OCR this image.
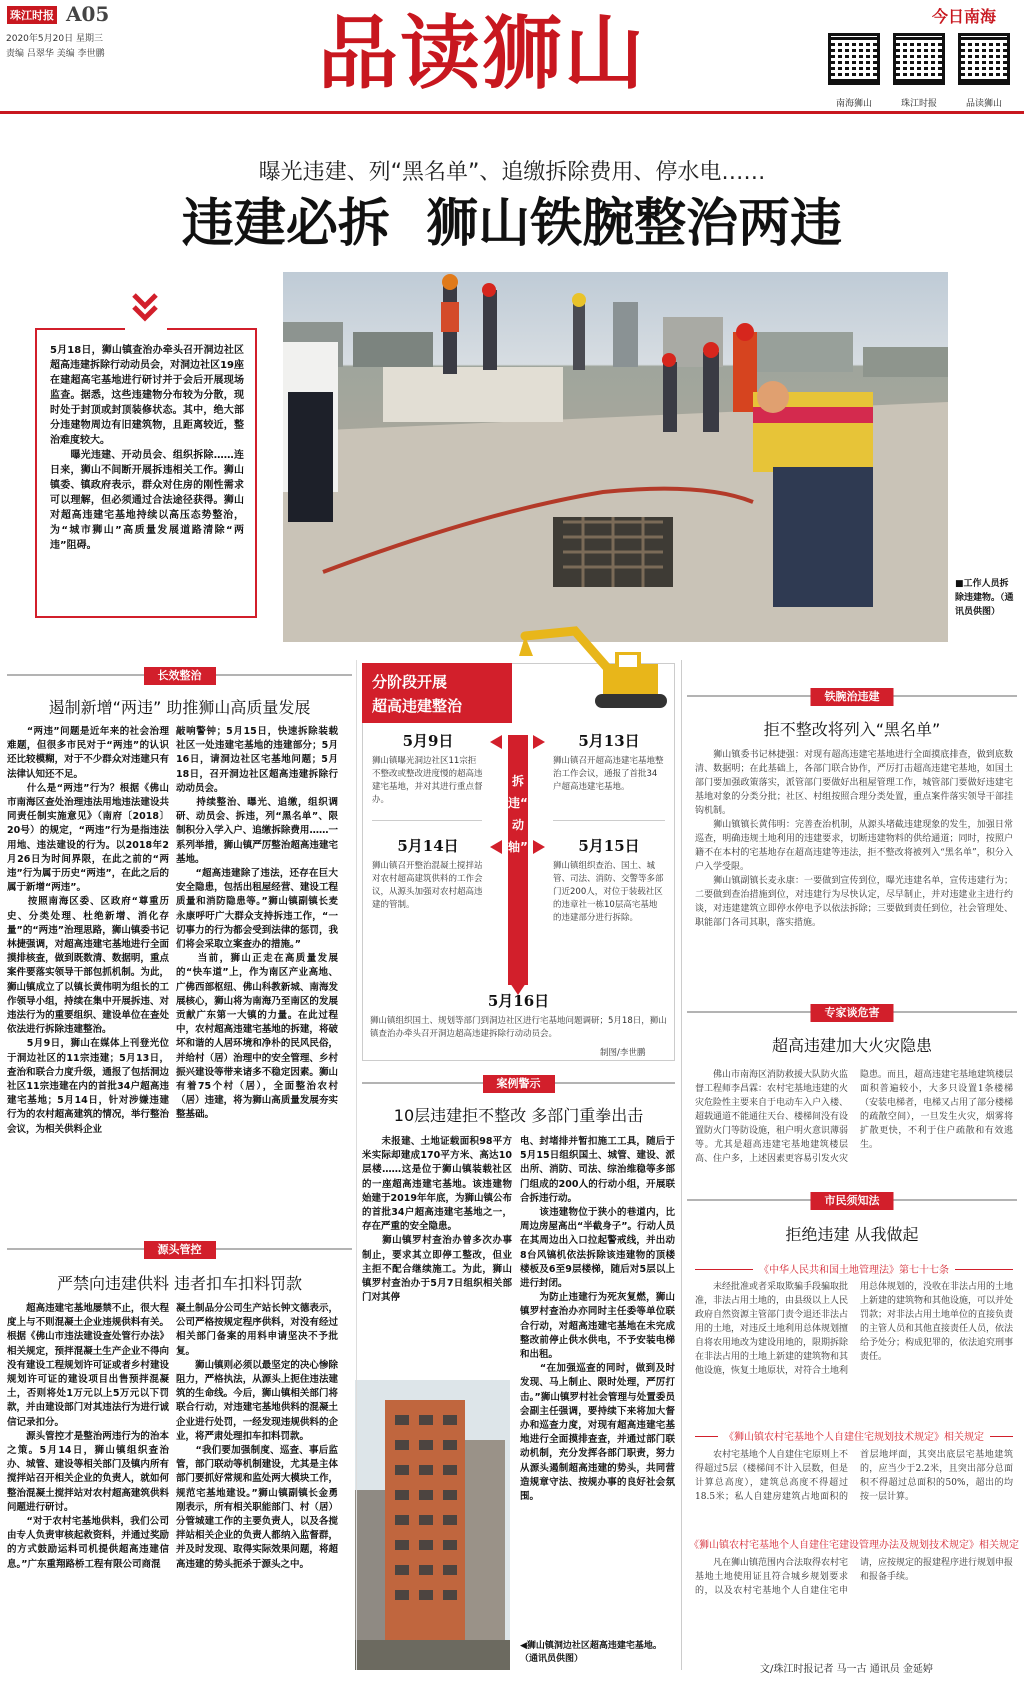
珠江时报 A05
2020年5月20日 星期三
责编 吕翠华 美编 李世鹏	品读狮山	今日南海
南海狮山	珠江时报	品读狮山
曝光违建、列“黑名单”、追缴拆除费用、停水电……
违建必拆  狮山铁腕整治两违
5月18日，狮山镇查治办牵头召开洞边社区超高违建拆除行动动员会，对洞边社区19座在建超高宅基地进行研讨并于会后开展现场监查。据悉，这些违建物分布较为分散，现时处于封顶或封顶装修状态。其中，绝大部分违建物周边有旧建筑物，且距离较近，整治难度较大。
　　曝光违建、开动员会、组织拆除……连日来，狮山不间断开展拆违相关工作。狮山镇委、镇政府表示，群众对住房的刚性需求可以理解，但必须通过合法途径获得。狮山对超高违建宅基地持续以高压态势整治，为“城市狮山”高质量发展道路清除“两违”阻碍。
■工作人员拆除违建物。（通讯员供图）
长效整治
遏制新增“两违” 助推狮山高质量发展
　　“两违”问题是近年来的社会治理难题，但很多市民对于“两违”的认识还比较模糊，对于不少群众对违建只有法律认知还不足。
　　什么是“两违”行为？根据《佛山市南海区查处治理违法用地违法建设共同责任制实施意见》（南府〔2018〕20号）的规定，“两违”行为是指违法用地、违法建设的行为。以2018年2月26日为时间界限，在此之前的“两违”行为属于历史“两违”，在此之后的属于新增“两违”。
　　按照南海区委、区政府“尊重历史、分类处理、杜绝新增、消化存量”的“两违”治理思路，狮山镇委书记林捷强调，对超高违建宅基地进行全面摸排核查，做到既数清、数据明，重点案件要落实领导干部包抓机制。为此，狮山镇成立了以镇长黄伟明为组长的工作领导小组，持续在集中开展拆违、对违法行为的重要组织、建设单位在查处依法进行拆除违建整治。
　　5月9日，狮山在媒体上刊登光位于洞边社区的11宗违建；5月13日，查治和联合力度升级，通报了包括洞边社区11宗违建在内的首批34户超高违建宅基地；5月14日，针对涉嫌违建行为的农村超高建筑的情况，举行整治会议，为相关供料企业
敲响警钟；5月15日，快速拆除装载社区一处违建宅基地的违建部分；5月16日，请洞边社区宅基地问题；5月18日，召开洞边社区超高违建拆除行动动员会。
　　持续整治、曝光、追缴，组织调研、动员会、拆违，列“黑名单”、限制积分入学入户、追缴拆除费用……一系列举措，狮山镇严厉整治超高违建宅基地。
　　“超高违建除了违法，还存在巨大安全隐患，包括出租屋经营、建设工程质量和消防隐患等。”狮山镇副镇长麦永康呼吁广大群众支持拆违工作，“一切事力的行为都会受到法律的惩罚，我们将会采取立案查办的措施。”
　　当前，狮山正走在高质量发展的“快车道”上，作为南区产业高地、广佛西部枢纽、佛山科教新城、南海发展核心，狮山将为南海乃至南区的发展贡献广东第一大镇的力量。在此过程中，农村超高违建宅基地的拆建，将破坏和谐的人居环境和净朴的民风民俗，并给村（居）治理中的安全管理、乡村振兴建设等带来诸多不稳定因素。狮山有着75个村（居），全面整治农村（居）违建，将为狮山高质量发展夯实整基础。
源头管控
严禁向违建供料 违者扣车扣料罚款
　　超高违建宅基地屡禁不止，很大程度上与不则混凝土企业违规供料有关。根据《佛山市违法建设查处管行办法》相关规定，预拌混凝土生产企业不得向没有建设工程规划许可证或者乡村建设规划许可证的建设项目出售预拌混凝土，否则将处1万元以上5万元以下罚款，并由建设部门对其违法行为进行诚信记录扣分。
　　源头管控才是整治两违行为的治本之策。5月14日，狮山镇组织查治办、城管、建设等相关部门及镇内所有搅拌站召开相关企业的负责人，就如何整治混凝土搅拌站对农村超高建筑供料问题进行研讨。
　　“对于农村宅基地供料，我们公司由专人负责审核起救资料，并通过奖励的方式鼓励运料司机提供超高违建信息。”广东重翔路桥工程有限公司商混
凝土制品分公司生产站长钟文德表示，公司严格按规定程序供料，对没有经过相关部门备案的用料申请坚决不予批复。
　　狮山镇则必须以最坚定的决心惨除阻力，严格执法，从源头上扼住违法建筑的生命线。今后，狮山镇相关部门将联合行动，对违建宅基地供料的混凝土企业进行处罚，一经发现违规供料的企业，将严肃处理扣车扣料罚款。
　　“我们要加强制度、巡查、事后监管，部门联动等机制建设，尤其是主体部门要抓好常规和监处两大模块工作，规范宅基地建设。”狮山镇副镇长金勇刚表示，所有相关职能部门、村（居）分管城建工作的主要负责人，以及各搅拌站相关企业的负责人都纳入监督群，并及时发现、取得实际效果问题，将超高违建的势头扼杀于源头之中。
分阶段开展
超高违建整治
拆违“行动轴”
5月9日
狮山镇曝光洞边社区11宗拒不整改或整改进度慢的超高违建宅基地，并对其进行重点督办。
5月13日
狮山镇召开超高违建宅基地整治工作会议，通报了首批34户超高违建宅基地。
5月14日
狮山镇召开整治混凝土搅拌站对农村超高建筑供料的工作会议，从源头加强对农村超高违建的管制。
5月15日
狮山镇组织查治、国土、城管、司法、消防、交警等多部门近200人，对位于装载社区的违章社一栋10层高宅基地的违建部分进行拆除。
5月16日
狮山镇组织国土、规划等部门到洞边社区进行宅基地问题调研；5月18日，狮山镇查治办牵头召开洞边超高违建拆除行动动员会。
制图/李世鹏
案例警示
10层违建拒不整改 多部门重拳出击
　　未报建、土地证载面积98平方米实际却建成170平方米、高达10层楼……这是位于狮山镇装载社区的一座超高违建宅基地。该违建物始建于2019年年底，为狮山镇公布的首批34户超高违建宅基地之一，存在严重的安全隐患。
　　狮山镇罗村查治办曾多次办事制止，要求其立即停工整改，但业主拒不配合继续施工。为此，狮山镇罗村查治办于5月7日组织相关部门对其停
电、封堵排并暂扣施工工具，随后于5月15日组织国土、城管、建设、派出所、消防、司法、综治维稳等多部门组成的200人的行动小组，开展联合拆违行动。
　　该违建物位于狭小的巷道内，比周边房屋高出“半截身子”。行动人员在其周边出入口拉起警戒线，并出动8台风镐机依法拆除该违建物的顶楼楼板及6至9层楼梯，随后对5层以上进行封闭。
　　为防止违建行为死灰复燃，狮山镇罗村查治办亦同时主任委等单位联合行动，对超高违建宅基地在未完成整改前停止供水供电，不予安装电梯和出租。
　　“在加强巡查的同时，做到及时发现、马上制止、限时处理，严厉打击。”狮山镇罗村社会管理与处置委员会副主任强调，要持续下来将加大督办和巡查力度，对现有超高违建宅基地进行全面摸排查查，并通过部门联动机制，充分发挥各部门职责，努力从源头遏制超高违建的势头，共同营造规章守法、按规办事的良好社会氛围。
◀狮山镇洞边社区超高违建宅基地。（通讯员供图）
铁腕治违建
拒不整改将列入“黑名单”
　　狮山镇委书记林捷强：对现有超高违建宅基地进行全面摸底排查，做到底数清、数据明；在此基础上，各部门联合协作，严厉打击超高违建宅基地，如国土部门要加强政策落实，派管部门要做好出租屋管理工作，城管部门要做好违建宅基地对象的分类分批；社区、村组按照合理分类处置，重点案件落实领导干部挂钩机制。
　　狮山镇镇长黄伟明：完善查治机制，从源头堵截违建现象的发生，加强日常巡查，明确违规土地利用的违建要求，切断违建物料的供给通道；同时，按照户籍不在本村的宅基地存在超高违建等违法，拒不整改将被列入“黑名单”，积分入户入学受限。
　　狮山镇副镇长麦永康：一要做到宣传到位，曝光违建名单，宣传违建行为；二要做到查治措施到位，对违建行为尽快认定，尽早制止，并对违建业主进行约谈，对违建建筑立即停水停电予以依法拆除；三要做到责任到位，社会管理处、职能部门各司其职，落实措施。
专家谈危害
超高违建加大火灾隐患
　　佛山市南海区消防救援大队防火监督工程师李昌霖：农村宅基地违建的火灾危险性主要来自于电动车入户入楼、超载通道不能通往天台、楼梯间没有设置防火门等防设施，租户明火意识薄弱等。尤其是超高违建宅基地建筑楼层高、住户多，上述因素更容易引发火灾隐患。而且，超高违建宅基地建筑楼层面积普遍较小，大多只设置1条楼梯（安装电梯者，电梯又占用了部分楼梯的疏散空间），一旦发生火灾，烟雾将扩散更快，不利于住户疏散和有效逃生。
市民须知法
拒绝违建 从我做起
《中华人民共和国土地管理法》第七十七条
　　未经批准或者采取欺骗手段骗取批准，非法占用土地的，由县级以上人民政府自然资源主管部门责令退还非法占用的土地，对违反土地利用总体规划擅自将农用地改为建设用地的，限期拆除在非法占用的土地上新建的建筑物和其他设施，恢复土地原状，对符合土地利用总体规划的，没收在非法占用的土地上新建的建筑物和其他设施，可以并处罚款；对非法占用土地单位的直接负责的主管人员和其他直接责任人员，依法给予处分；构成犯罪的，依法追究刑事责任。
《狮山镇农村宅基地个人自建住宅规划技术规定》相关规定
　　农村宅基地个人自建住宅原则上不得超过5层（楼梯间不计入层数，但是计算总高度），建筑总高度不得超过18.5米；私人自建房建筑占地面积的首层地坪面，其突出底层宅基地建筑的，应当少于2.2米，且突出部分总面积不得超过总面积的50%，超出的均按一层计算。
《狮山镇农村宅基地个人自建住宅建设管理办法及规划技术规定》相关规定
　　凡在狮山镇范围内合法取得农村宅基地土地使用证且符合城乡规划要求的，以及农村宅基地个人自建住宅申请，应按规定的报建程序进行规划申报和报备手续。
文/珠江时报记者 马一古 通讯员 金延婷
